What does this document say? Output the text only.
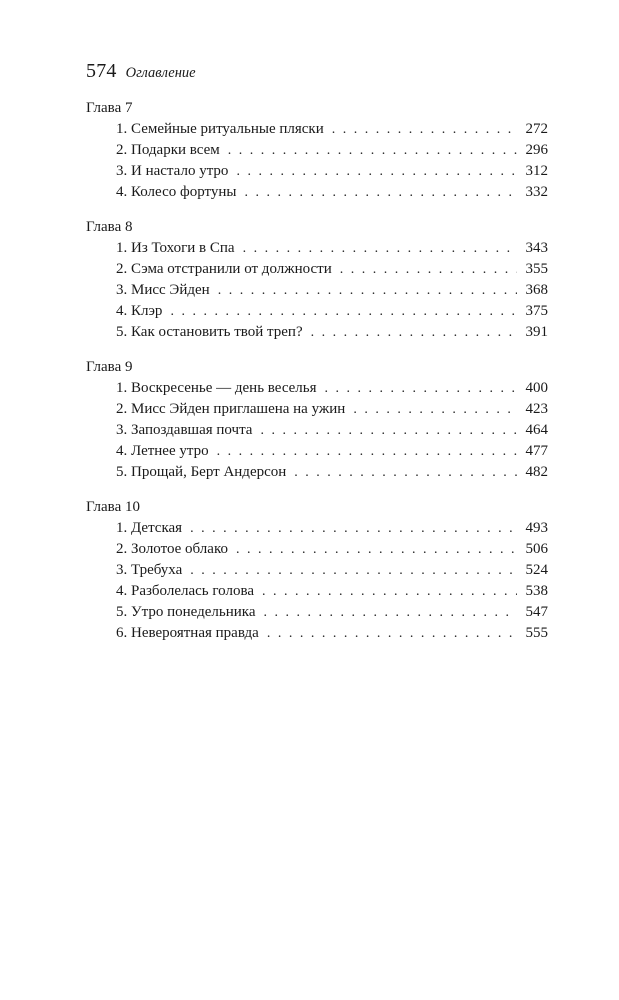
574 Оглавление
Глава 7
1. Семейные ритуальные пляски . . .	272
2. Подарки всем . . .	296
3. И настало утро . . .	312
4. Колесо фортуны . . .	332
Глава 8
1. Из Тохоги в Спа . . .	343
2. Сэма отстранили от должности . . .	355
3. Мисс Эйден . . .	368
4. Клэр . . .	375
5. Как остановить твой треп? . . .	391
Глава 9
1. Воскресенье — день веселья . . .	400
2. Мисс Эйден приглашена на ужин . . .	423
3. Запоздавшая почта . . .	464
4. Летнее утро . . .	477
5. Прощай, Берт Андерсон . . .	482
Глава 10
1. Детская . . .	493
2. Золотое облако . . .	506
3. Требуха . . .	524
4. Разболелась голова . . .	538
5. Утро понедельника . . .	547
6. Невероятная правда . . .	555
